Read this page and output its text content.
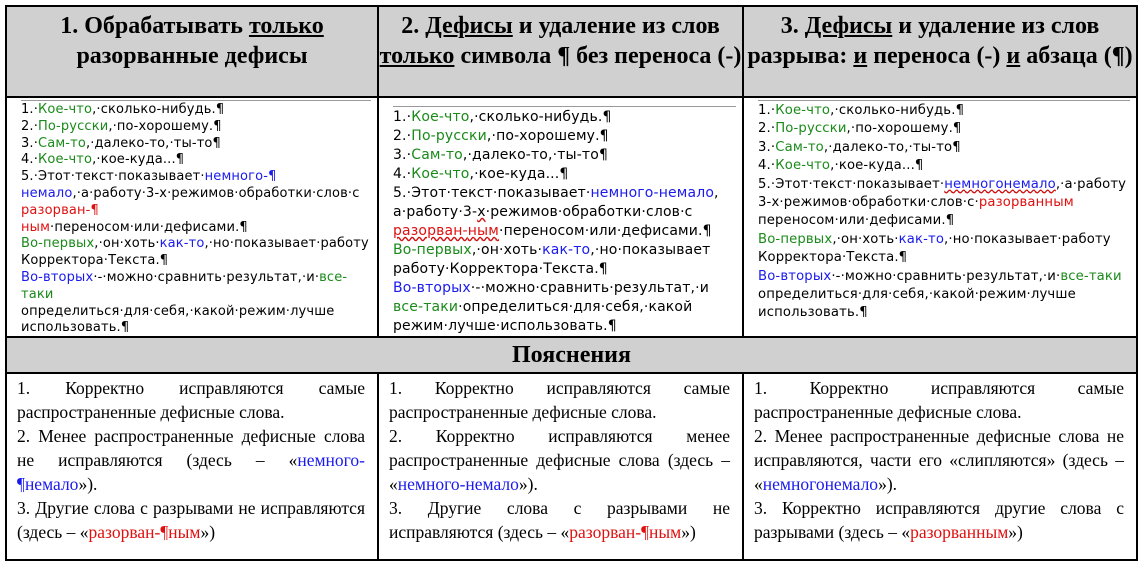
1. Обрабатывать только разорванные дефисы
2. Дефисы и удаление из слов только символа ¶ без переноса (-)
3. Дефисы и удаление из слов разрыва: и переноса (-) и абзаца (¶)
1.·Кое-что,·сколько-нибудь.¶
2.·По-русски,·по-хорошему.¶
3.·Сам-то,·далеко-то,·ты-то¶
4.·Кое-что,·кое-куда...¶
5.·Этот·текст·показывает·немного-¶
немало,·а·работу·3-х·режимов·обработки·слов·с
разорван-¶
ным·переносом·или·дефисами.¶
Во-первых,·он·хоть·как-то,·но·показывает·работу
Корректора·Текста.¶
Во-вторых·-·можно·сравнить·результат,·и·все-таки
определиться·для·себя,·какой·режим·лучше
использовать.¶
1.·Кое-что,·сколько-нибудь.¶
2.·По-русски,·по-хорошему.¶
3.·Сам-то,·далеко-то,·ты-то¶
4.·Кое-что,·кое-куда...¶
5.·Этот·текст·показывает·немного-немало,
а·работу·3-х·режимов·обработки·слов·с
разорван-ным·переносом·или·дефисами.¶
Во-первых,·он·хоть·как-то,·но·показывает
работу·Корректора·Текста.¶
Во-вторых·-·можно·сравнить·результат,·и
все-таки·определиться·для·себя,·какой
режим·лучше·использовать.¶
1.·Кое-что,·сколько-нибудь.¶
2.·По-русски,·по-хорошему.¶
3.·Сам-то,·далеко-то,·ты-то¶
4.·Кое-что,·кое-куда...¶
5.·Этот·текст·показывает·немногонемало,·а·работу
3-х·режимов·обработки·слов·с·разорванным
переносом·или·дефисами.¶
Во-первых,·он·хоть·как-то,·но·показывает·работу
Корректора·Текста.¶
Во-вторых·-·можно·сравнить·результат,·и·все-таки
определиться·для·себя,·какой·режим·лучше
использовать.¶
Пояснения

1. Корректно исправляются самые распространенные дефисные слова.

2. Менее распространенные дефисные слова не исправляются (здесь – «немного-¶немало»).

3. Другие слова с разрывами не исправляются (здесь – «разорван-¶ным»)

1. Корректно исправляются самые распространенные дефисные слова.

2. Корректно исправляются менее распространенные дефисные слова (здесь – «немного-немало»).

3. Другие слова с разрывами не исправляются (здесь – «разорван-¶ным»)

1. Корректно исправляются самые распространенные дефисные слова.

2. Менее распространенные дефисные слова не исправляются, части его «слипляются» (здесь – «немногонемало»).

3. Корректно исправляются другие слова с разрывами (здесь – «разорванным»)
